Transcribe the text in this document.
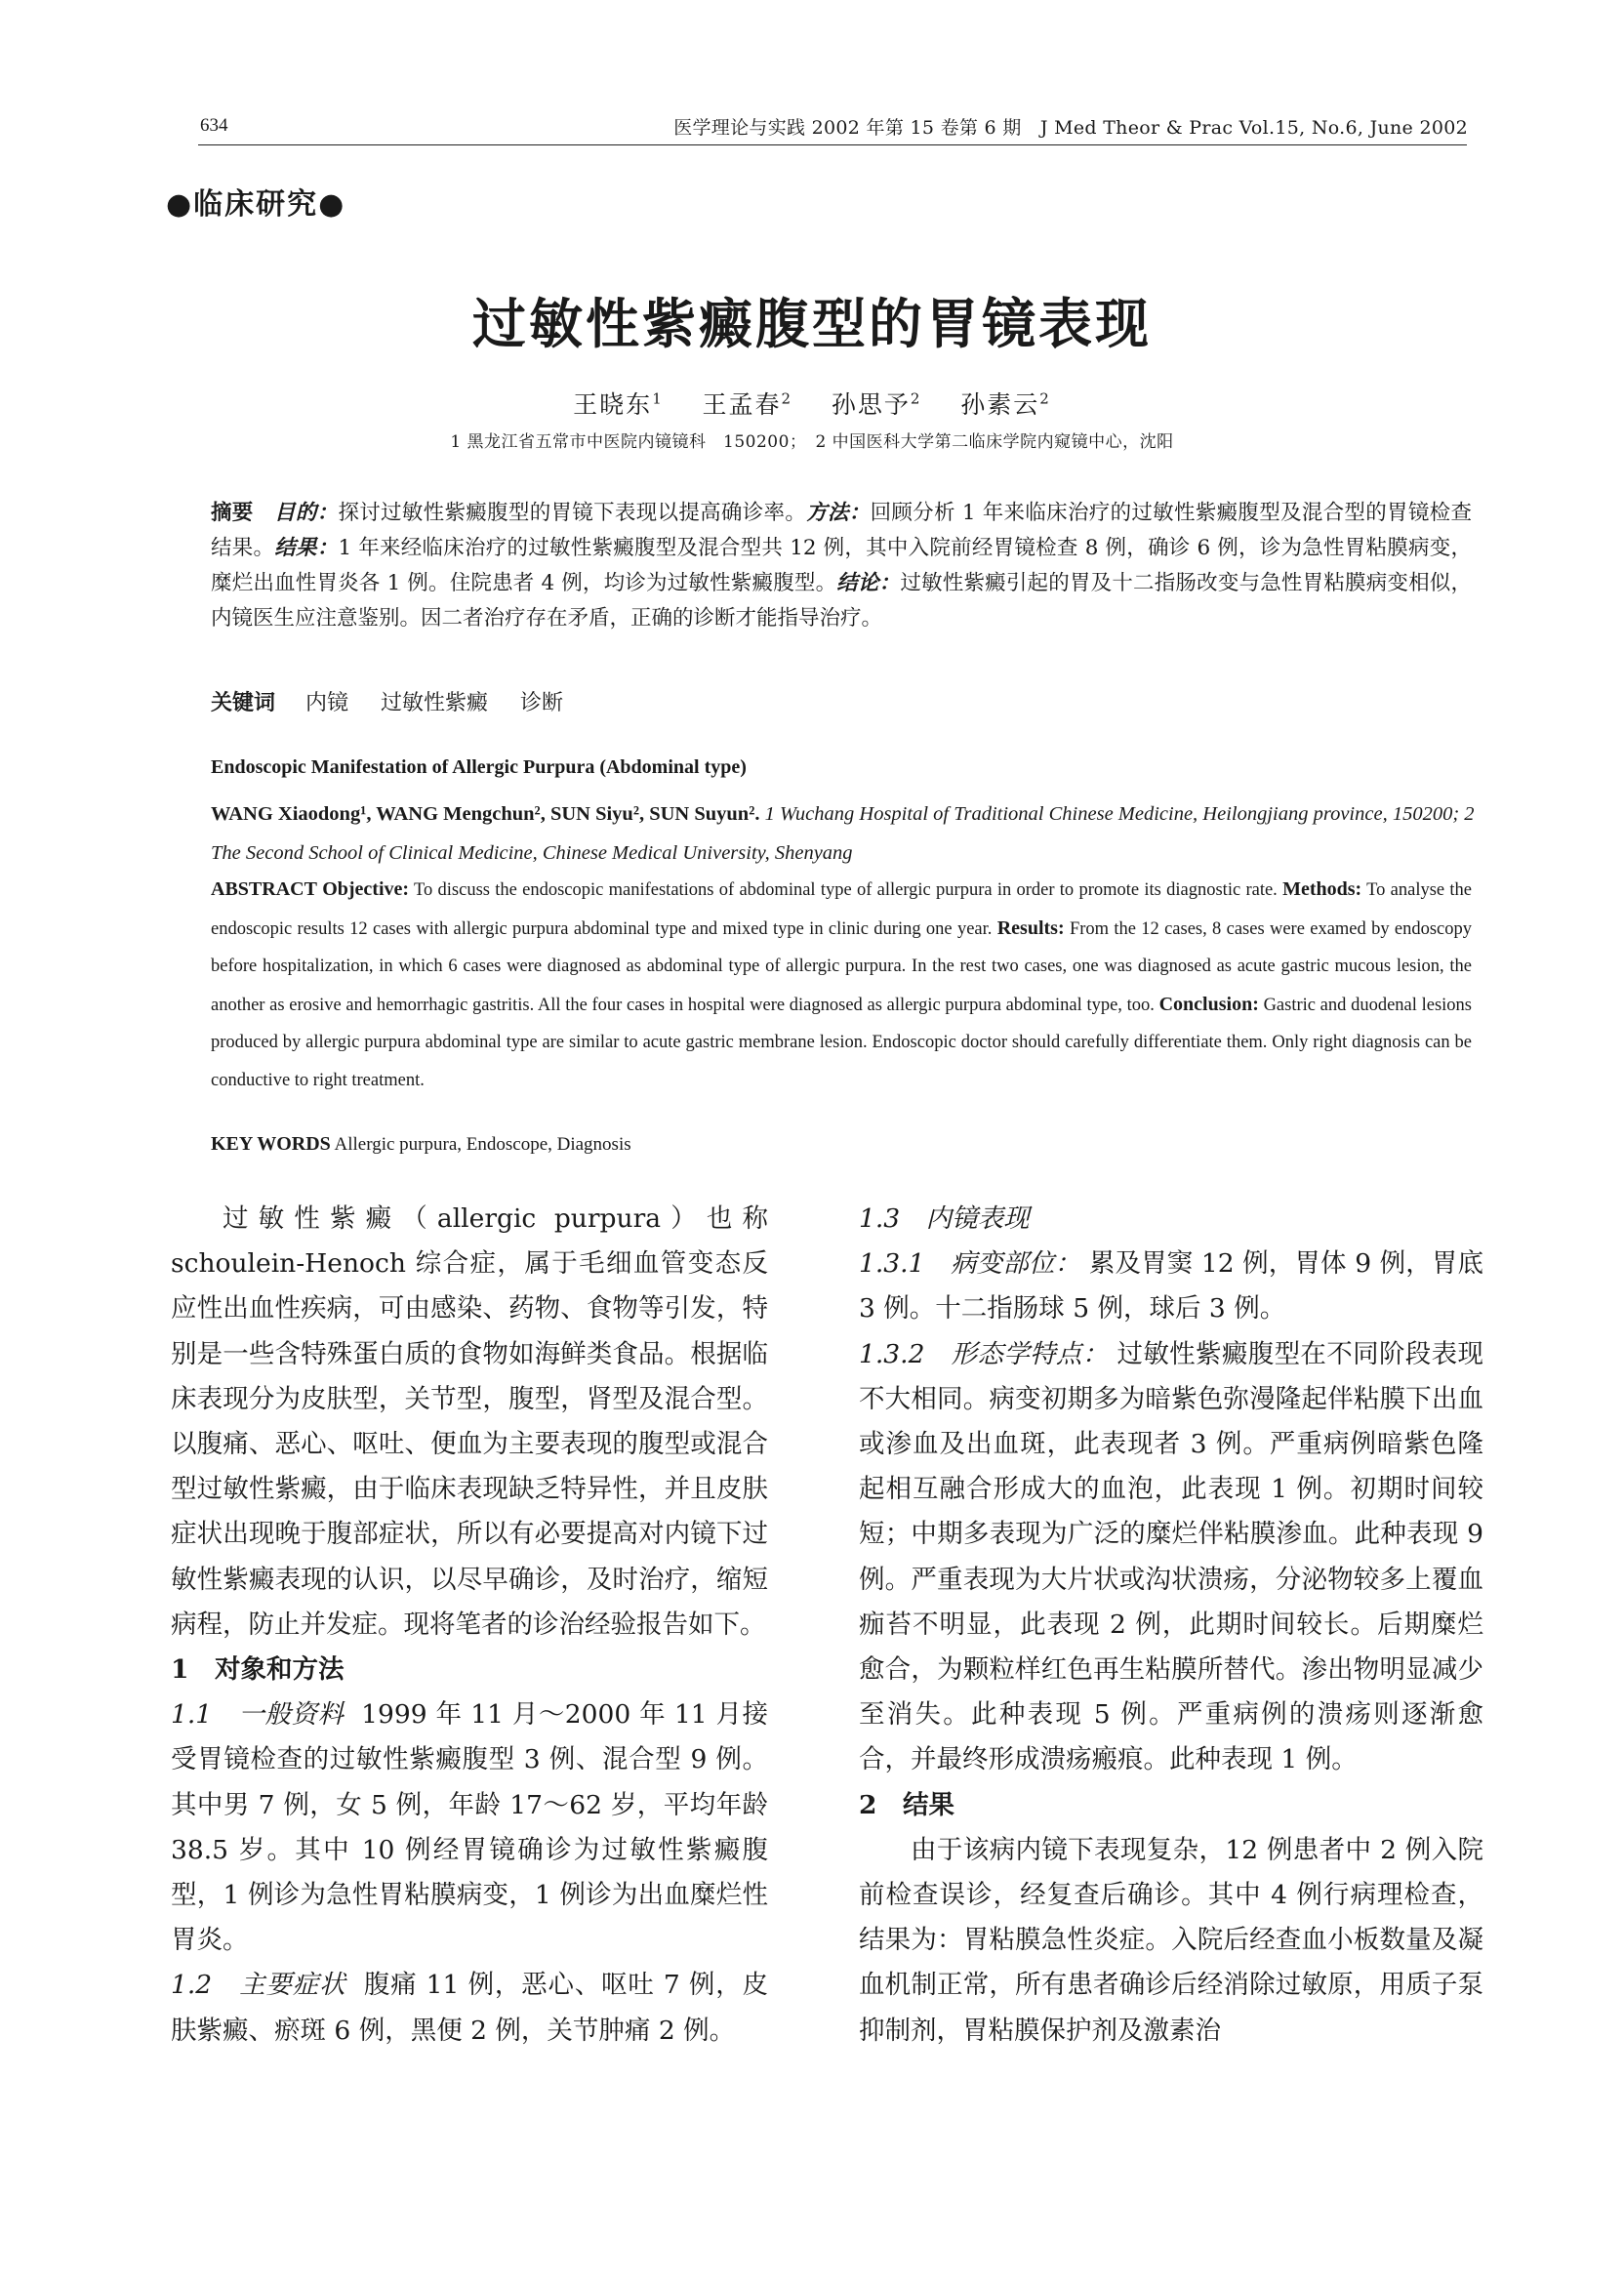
634	医学理论与实践 2002 年第 15 卷第 6 期　J Med Theor & Prac Vol.15, No.6, June 2002
●临床研究●
过敏性紫癜腹型的胃镜表现
王晓东$^1$ 王孟春$^2$ 孙思予$^2$ 孙素云$^2$
1 黑龙江省五常市中医院内镜镜科　150200；　2 中国医科大学第二临床学院内窥镜中心，沈阳
摘要 目的：探讨过敏性紫癜腹型的胃镜下表现以提高确诊率。方法：回顾分析 1 年来临床治疗的过敏性紫癜腹型及混合型的胃镜检查结果。结果：1 年来经临床治疗的过敏性紫癜腹型及混合型共 12 例，其中入院前经胃镜检查 8 例，确诊 6 例，诊为急性胃粘膜病变，糜烂出血性胃炎各 1 例。住院患者 4 例，均诊为过敏性紫癜腹型。结论：过敏性紫癜引起的胃及十二指肠改变与急性胃粘膜病变相似，内镜医生应注意鉴别。因二者治疗存在矛盾，正确的诊断才能指导治疗。
关键词 内镜 过敏性紫癜 诊断
Endoscopic Manifestation of Allergic Purpura (Abdominal type)
WANG Xiaodong¹, WANG Mengchun², SUN Siyu², SUN Suyun². 1 Wuchang Hospital of Traditional Chinese Medicine, Heilongjiang province, 150200; 2 The Second School of Clinical Medicine, Chinese Medical University, Shenyang
ABSTRACT Objective: To discuss the endoscopic manifestations of abdominal type of allergic purpura in order to promote its diagnostic rate. Methods: To analyse the endoscopic results 12 cases with allergic purpura abdominal type and mixed type in clinic during one year. Results: From the 12 cases, 8 cases were examed by endoscopy before hospitalization, in which 6 cases were diagnosed as abdominal type of allergic purpura. In the rest two cases, one was diagnosed as acute gastric mucous lesion, the another as erosive and hemorrhagic gastritis. All the four cases in hospital were diagnosed as allergic purpura abdominal type, too. Conclusion: Gastric and duodenal lesions produced by allergic purpura abdominal type are similar to acute gastric membrane lesion. Endoscopic doctor should carefully differentiate them. Only right diagnosis can be conductive to right treatment.
KEY WORDS Allergic purpura, Endoscope, Diagnosis

过敏性紫癜（allergic purpura）也称 schoulein-Henoch 综合症，属于毛细血管变态反应性出血性疾病，可由感染、药物、食物等引发，特别是一些含特殊蛋白质的食物如海鲜类食品。根据临床表现分为皮肤型，关节型，腹型，肾型及混合型。以腹痛、恶心、呕吐、便血为主要表现的腹型或混合型过敏性紫癜，由于临床表现缺乏特异性，并且皮肤症状出现晚于腹部症状，所以有必要提高对内镜下过敏性紫癜表现的认识，以尽早确诊，及时治疗，缩短病程，防止并发症。现将笔者的诊治经验报告如下。

1　对象和方法

1.1　一般资料 1999 年 11 月～2000 年 11 月接受胃镜检查的过敏性紫癜腹型 3 例、混合型 9 例。其中男 7 例，女 5 例，年龄 17～62 岁，平均年龄 38.5 岁。其中 10 例经胃镜确诊为过敏性紫癜腹型，1 例诊为急性胃粘膜病变，1 例诊为出血糜烂性胃炎。

1.2　主要症状 腹痛 11 例，恶心、呕吐 7 例，皮肤紫癜、瘀斑 6 例，黑便 2 例，关节肿痛 2 例。

1.3　内镜表现

1.3.1　病变部位： 累及胃窦 12 例，胃体 9 例，胃底 3 例。十二指肠球 5 例，球后 3 例。

1.3.2　形态学特点： 过敏性紫癜腹型在不同阶段表现不大相同。病变初期多为暗紫色弥漫隆起伴粘膜下出血或渗血及出血斑，此表现者 3 例。严重病例暗紫色隆起相互融合形成大的血泡，此表现 1 例。初期时间较短；中期多表现为广泛的糜烂伴粘膜渗血。此种表现 9 例。严重表现为大片状或沟状溃疡，分泌物较多上覆血痂苔不明显，此表现 2 例，此期时间较长。后期糜烂愈合，为颗粒样红色再生粘膜所替代。渗出物明显减少至消失。此种表现 5 例。严重病例的溃疡则逐渐愈合，并最终形成溃疡瘢痕。此种表现 1 例。

2　结果

由于该病内镜下表现复杂，12 例患者中 2 例入院前检查误诊，经复查后确诊。其中 4 例行病理检查，结果为：胃粘膜急性炎症。入院后经查血小板数量及凝血机制正常，所有患者确诊后经消除过敏原，用质子泵抑制剂，胃粘膜保护剂及激素治
